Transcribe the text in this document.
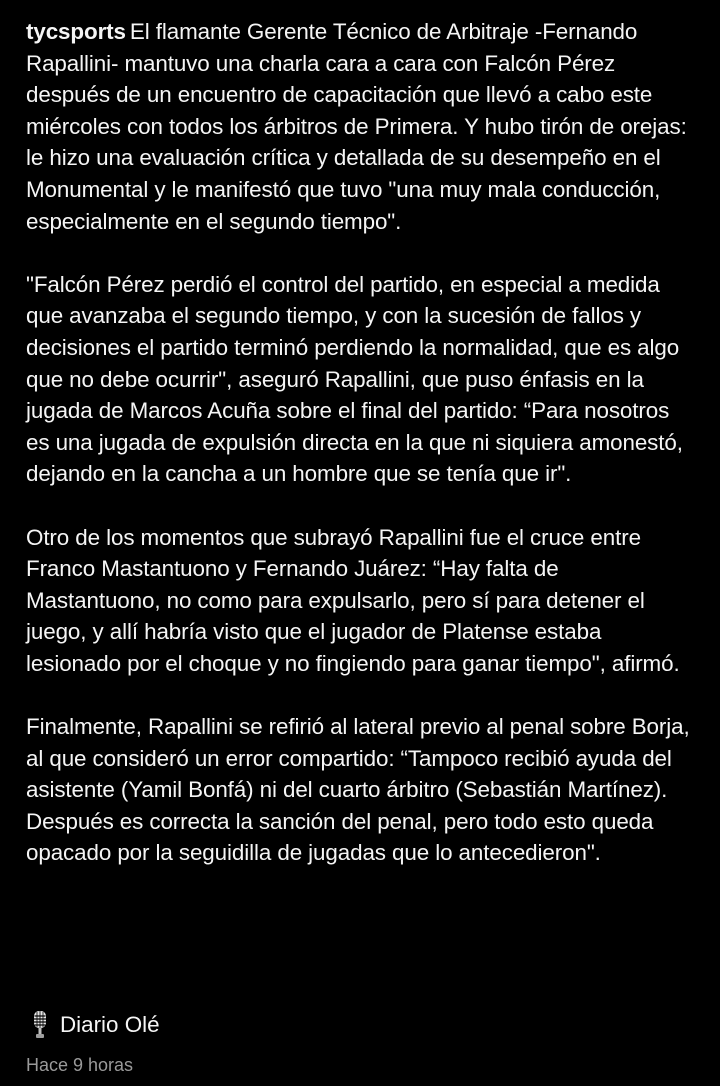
tycsports El flamante Gerente Técnico de Arbitraje -Fernando Rapallini- mantuvo una charla cara a cara con Falcón Pérez después de un encuentro de capacitación que llevó a cabo este miércoles con todos los árbitros de Primera. Y hubo tirón de orejas: le hizo una evaluación crítica y detallada de su desempeño en el Monumental y le manifestó que tuvo "una muy mala conducción, especialmente en el segundo tiempo".

"Falcón Pérez perdió el control del partido, en especial a medida que avanzaba el segundo tiempo, y con la sucesión de fallos y decisiones el partido terminó perdiendo la normalidad, que es algo que no debe ocurrir", aseguró Rapallini, que puso énfasis en la jugada de Marcos Acuña sobre el final del partido: “Para nosotros es una jugada de expulsión directa en la que ni siquiera amonestó, dejando en la cancha a un hombre que se tenía que ir".

Otro de los momentos que subrayó Rapallini fue el cruce entre Franco Mastantuono y Fernando Juárez: “Hay falta de Mastantuono, no como para expulsarlo, pero sí para detener el juego, y allí habría visto que el jugador de Platense estaba lesionado por el choque y no fingiendo para ganar tiempo", afirmó.

Finalmente, Rapallini se refirió al lateral previo al penal sobre Borja, al que consideró un error compartido: “Tampoco recibió ayuda del asistente (Yamil Bonfá) ni del cuarto árbitro (Sebastián Martínez). Después es correcta la sanción del penal, pero todo esto queda opacado por la seguidilla de jugadas que lo antecedieron".

Diario Olé
Hace 9 horas
